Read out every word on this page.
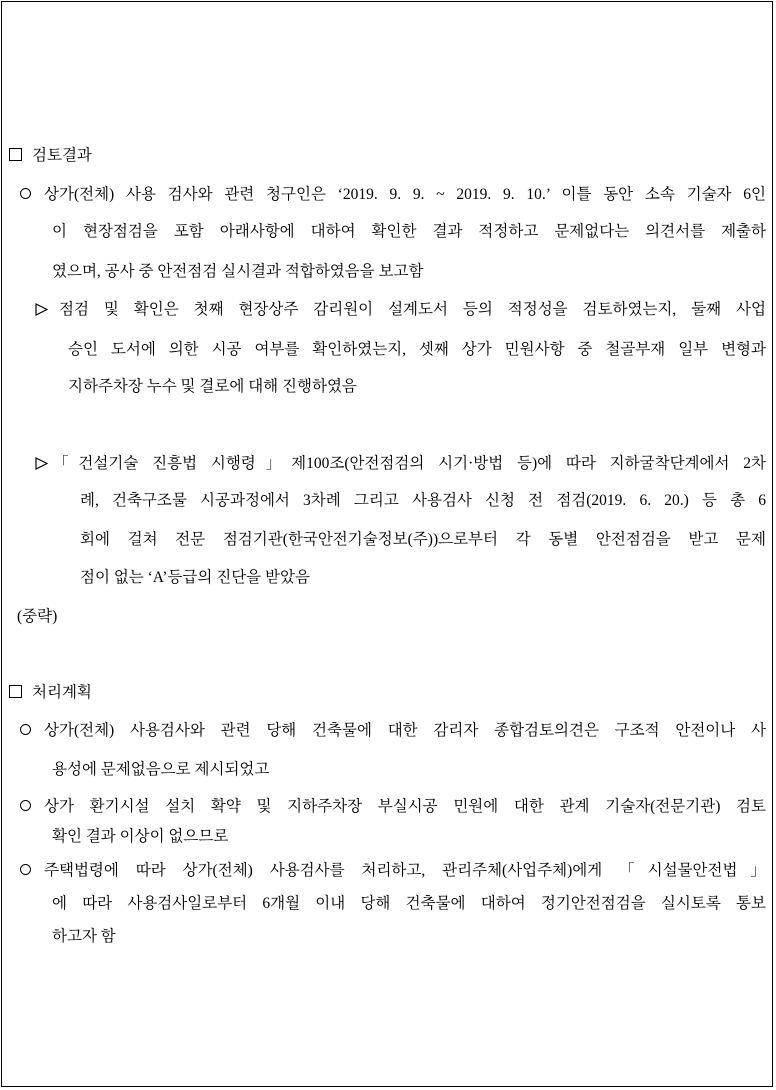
검토결과
상가(전체) 사용 검사와 관련 청구인은 ‘2019. 9. 9. ~ 2019. 9. 10.’ 이틀 동안 소속 기술자 6인
이 현장점검을 포함 아래사항에 대하여 확인한 결과 적정하고 문제없다는 의견서를 제출하
였으며, 공사 중 안전점검 실시결과 적합하였음을 보고함
점검 및 확인은 첫째 현장상주 감리원이 설계도서 등의 적정성을 검토하였는지, 둘째 사업
승인 도서에 의한 시공 여부를 확인하였는지, 셋째 상가 민원사항 중 철골부재 일부 변형과
지하주차장 누수 및 결로에 대해 진행하였음
「건설기술 진흥법 시행령」제100조(안전점검의 시기·방법 등)에 따라 지하굴착단계에서 2차
례, 건축구조물 시공과정에서 3차례 그리고 사용검사 신청 전 점검(2019. 6. 20.) 등 총 6
회에 걸쳐 전문 점검기관(한국안전기술정보(주))으로부터 각 동별 안전점검을 받고 문제
점이 없는 ‘A’등급의 진단을 받았음
(중략)
처리계획
상가(전체) 사용검사와 관련 당해 건축물에 대한 감리자 종합검토의견은 구조적 안전이나 사
용성에 문제없음으로 제시되었고
상가 환기시설 설치 확약 및 지하주차장 부실시공 민원에 대한 관계 기술자(전문기관) 검토
확인 결과 이상이 없으므로
주택법령에 따라 상가(전체) 사용검사를 처리하고, 관리주체(사업주체)에게 「시설물안전법」
에 따라 사용검사일로부터 6개월 이내 당해 건축물에 대하여 정기안전점검을 실시토록 통보
하고자 함
